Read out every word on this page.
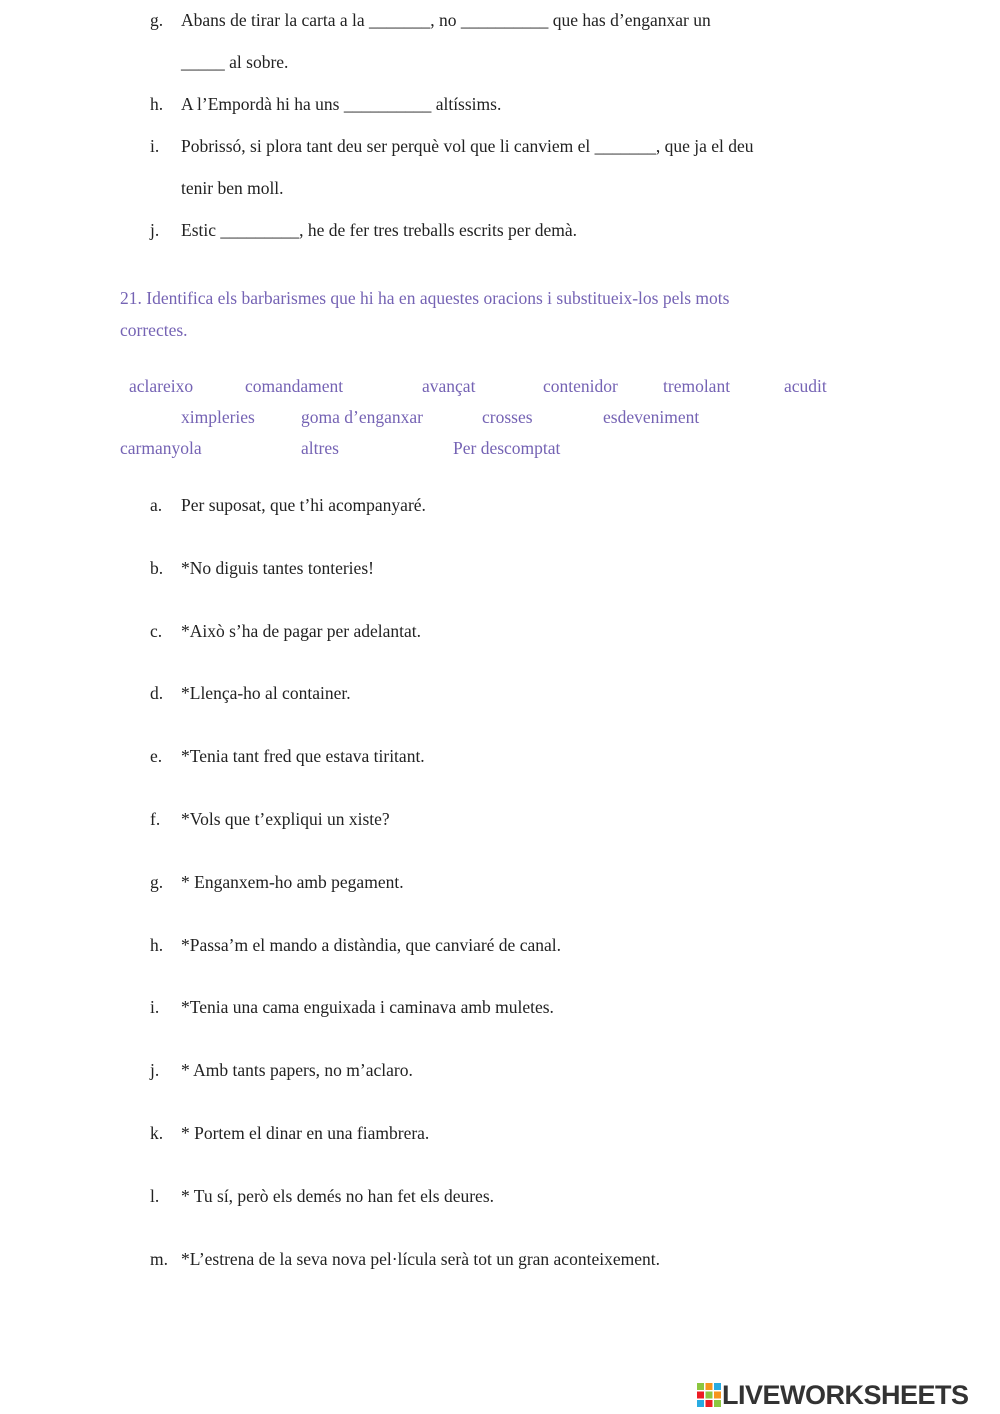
g. Abans de tirar la carta a la _______, no __________ que has d’enganxar un
_____ al sobre.
h. A l’Empordà hi ha uns __________ altíssims.
i. Pobrissó, si plora tant deu ser perquè vol que li canviem el _______, que ja el deu
tenir ben moll.
j. Estic _________, he de fer tres treballs escrits per demà.
21. Identifica els barbarismes que hi ha en aquestes oracions i substitueix-los pels mots
correctes.
aclareixo	comandament	avançat	contenidor	tremolant	acudit
ximpleries	goma d’enganxar	crosses	esdeveniment
carmanyola	altres	Per descomptat
a. Per suposat, que t’hi acompanyaré.
b. *No diguis tantes tonteries!
c. *Això s’ha de pagar per adelantat.
d. *Llença-ho al container.
e. *Tenia tant fred que estava tiritant.
f. *Vols que t’expliqui un xiste?
g. * Enganxem-ho amb pegament.
h. *Passa’m el mando a distàndia, que canviaré de canal.
i. *Tenia una cama enguixada i caminava amb muletes.
j. * Amb tants papers, no m’aclaro.
k. * Portem el dinar en una fiambrera.
l. * Tu sí, però els demés no han fet els deures.
m. *L’estrena de la seva nova pel·lícula serà tot un gran aconteixement.
LIVEWORKSHEETS
